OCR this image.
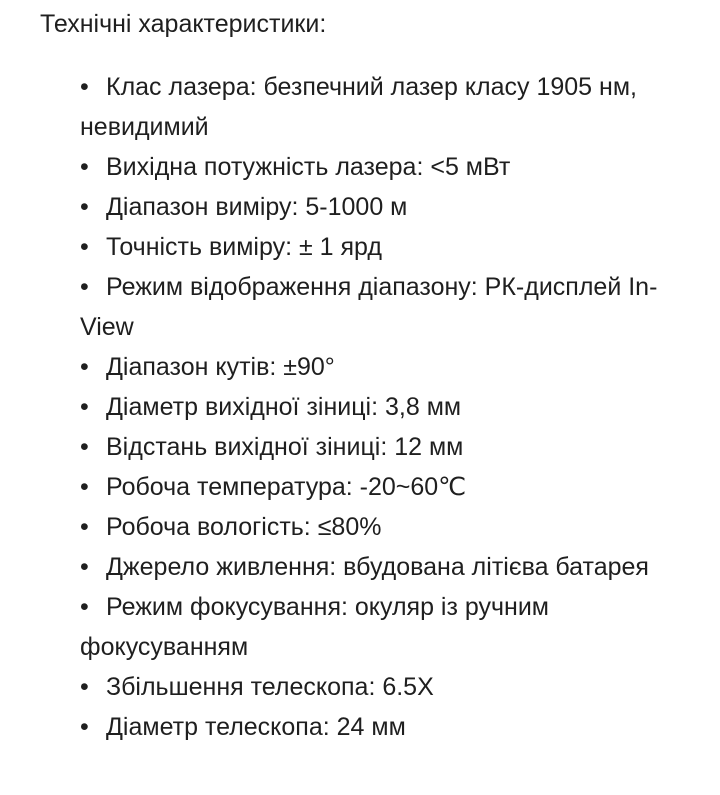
Технічні характеристики:
• Клас лазера: безпечний лазер класу 1905 нм, невидимий
• Вихідна потужність лазера: <5 мВт
• Діапазон виміру: 5-1000 м
• Точність виміру: ± 1 ярд
• Режим відображення діапазону: РК-дисплей In-View
• Діапазон кутів: ±90°
• Діаметр вихідної зіниці: 3,8 мм
• Відстань вихідної зіниці: 12 мм
• Робоча температура: -20~60℃
• Робоча вологість: ≤80%
• Джерело живлення: вбудована літієва батарея
• Режим фокусування: окуляр із ручним фокусуванням
• Збільшення телескопа: 6.5X
• Діаметр телескопа: 24 мм
